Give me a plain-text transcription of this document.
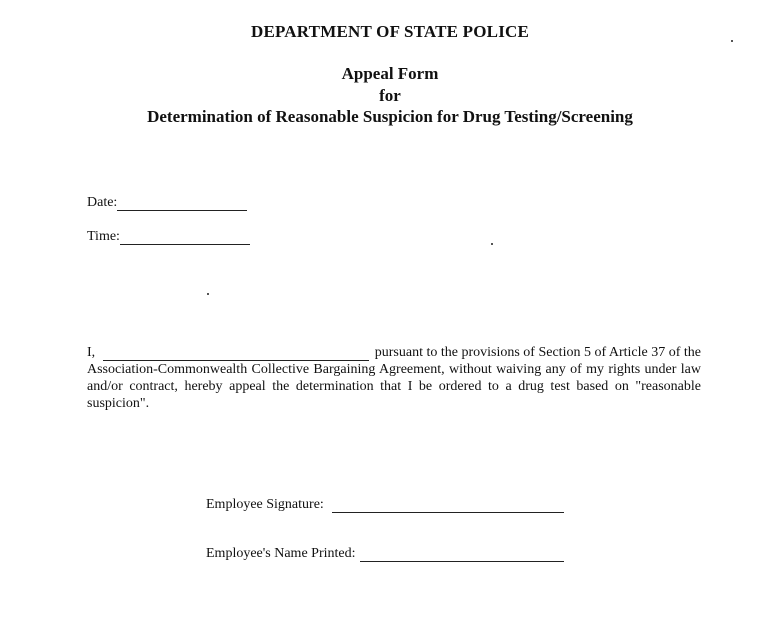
DEPARTMENT OF STATE POLICE
Appeal Form
for
Determination of Reasonable Suspicion for Drug Testing/Screening
Date:
Time:
I,	pursuant to the provisions of Section 5 of Article 37 of the
Association-Commonwealth Collective Bargaining Agreement, without waiving any of my rights under law and/or contract, hereby appeal the determination that I be ordered to a drug test based on "reasonable suspicion".
Employee Signature:
Employee's Name Printed:
